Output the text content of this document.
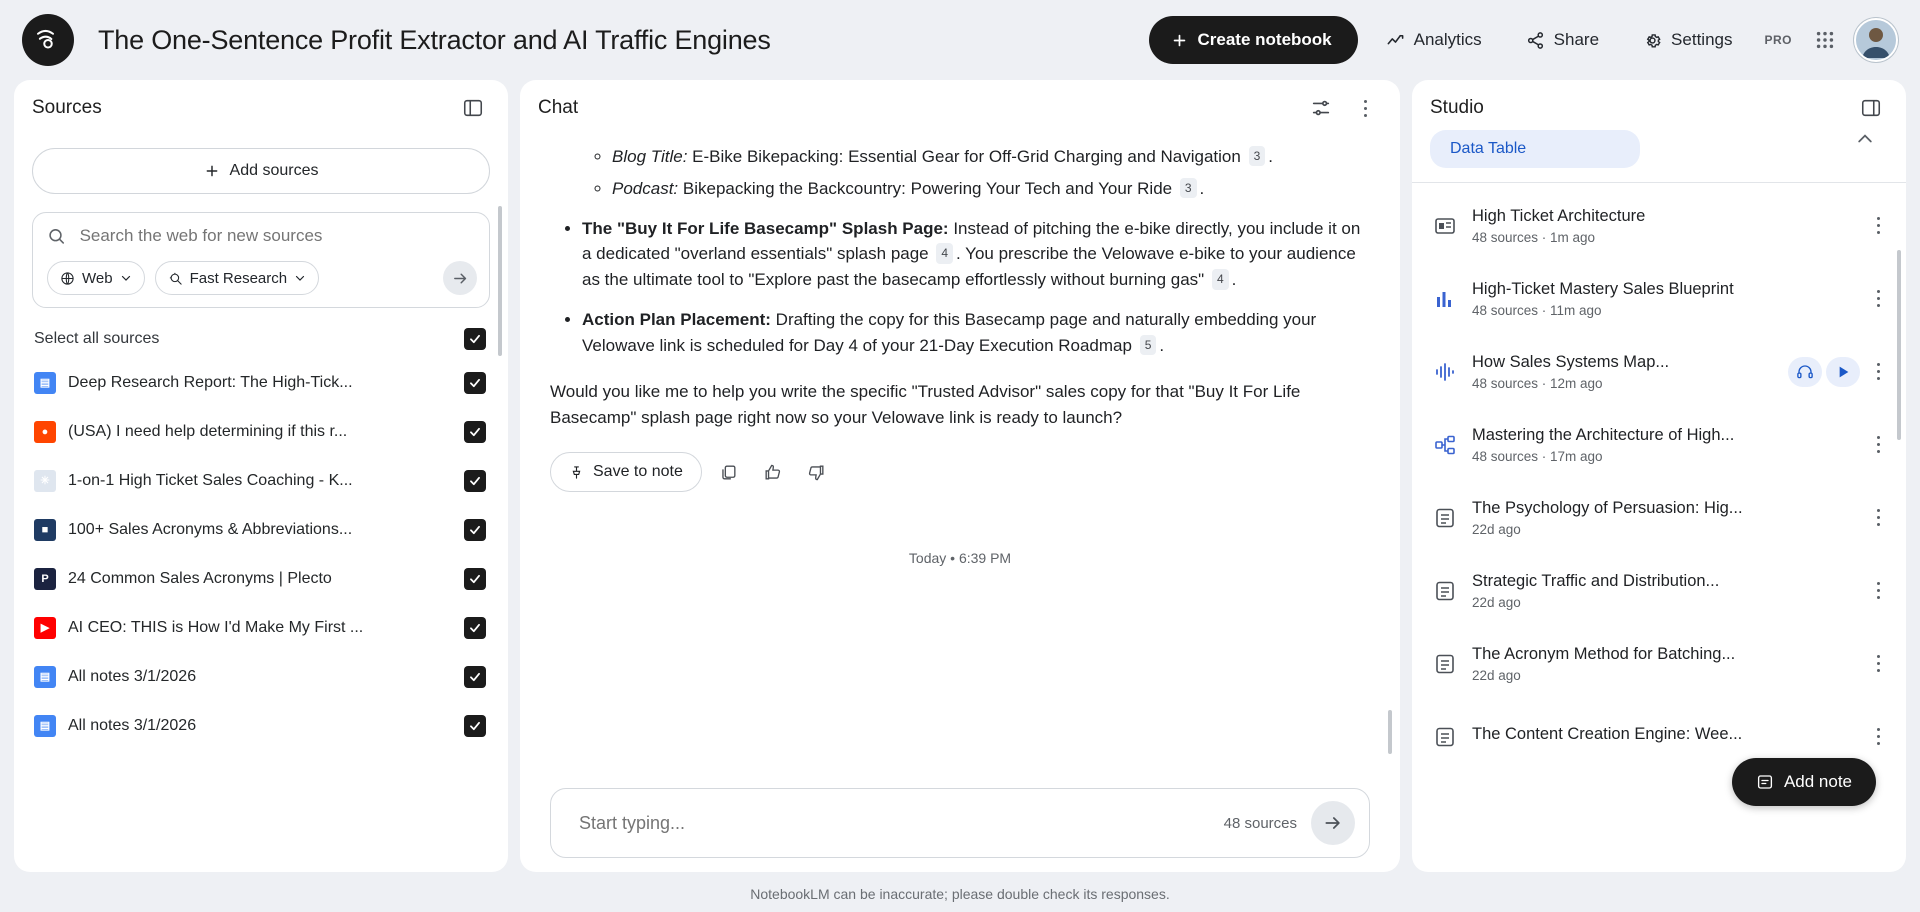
The One-Sentence Profit Extractor and AI Traffic Engines	Create notebook	Analytics	Share	Settings	PRO
Sources
Add sources
Search the web for new sources
Web	Fast Research
Select all sources
▤	Deep Research Report: The High-Tick...
●	(USA) I need help determining if this r...
✳	1-on-1 High Ticket Sales Coaching - K...
■	100+ Sales Acronyms & Abbreviations...
P	24 Common Sales Acronyms | Plecto
▶	AI CEO: THIS is How I'd Make My First ...
▤	All notes 3/1/2026
▤	All notes 3/1/2026
Chat
◦ Blog Title: E-Bike Bikepacking: Essential Gear for Off-Grid Charging and Navigation 3 .
◦ Podcast: Bikepacking the Backcountry: Powering Your Tech and Your Ride 3 .
• The "Buy It For Life Basecamp" Splash Page: Instead of pitching the e-bike directly, you include it on a dedicated "overland essentials" splash page 4 . You prescribe the Velowave e-bike to your audience as the ultimate tool to "Explore past the basecamp effortlessly without burning gas" 4 .
• Action Plan Placement: Drafting the copy for this Basecamp page and naturally embedding your Velowave link is scheduled for Day 4 of your 21-Day Execution Roadmap 5 .
Would you like me to help you write the specific "Trusted Advisor" sales copy for that "Buy It For Life Basecamp" splash page right now so your Velowave link is ready to launch?
Save to note
Today • 6:39 PM
Start typing...
48 sources
Studio
Data Table
High Ticket Architecture
48 sources · 1m ago
High-Ticket Mastery Sales Blueprint
48 sources · 11m ago
How Sales Systems Map...
48 sources · 12m ago
Mastering the Architecture of High...
48 sources · 17m ago
The Psychology of Persuasion: Hig...
22d ago
Strategic Traffic and Distribution...
22d ago
The Acronym Method for Batching...
22d ago
The Content Creation Engine: Wee...
Add note
NotebookLM can be inaccurate; please double check its responses.
